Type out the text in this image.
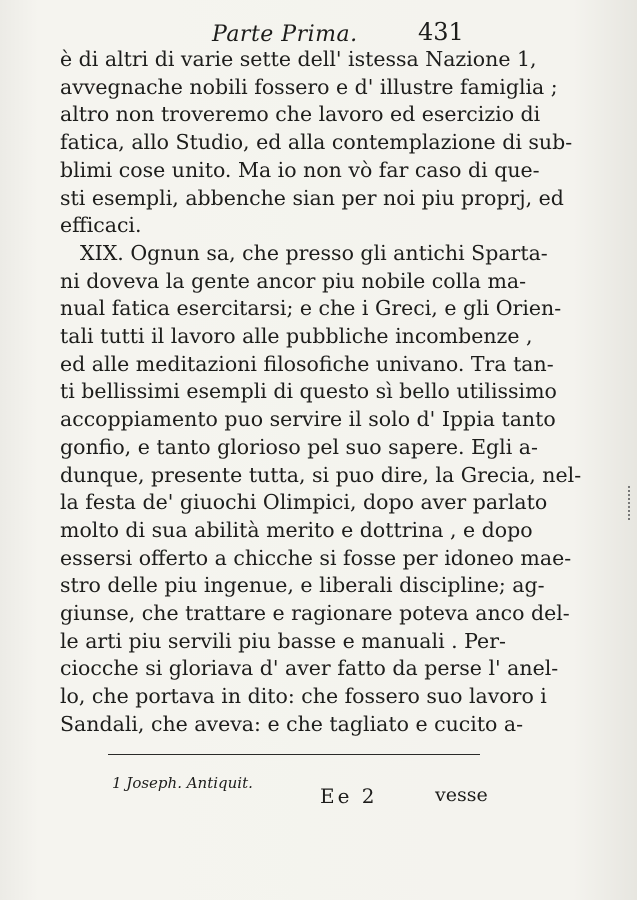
Parte Prima.	431
è di altri di varie sette dell' istessa Nazione 1,
avvegnache nobili fossero e d' illustre famiglia ;
altro non troveremo che lavoro ed esercizio di
fatica, allo Studio, ed alla contemplazione di sub-
blimi cose unito. Ma io non vò far caso di que-
sti esempli, abbenche sian per noi piu proprj, ed
efficaci.
XIX. Ognun sa, che presso gli antichi Sparta-
ni doveva la gente ancor piu nobile colla ma-
nual fatica esercitarsi; e che i Greci, e gli Orien-
tali tutti il lavoro alle pubbliche incombenze ,
ed alle meditazioni filosofiche univano. Tra tan-
ti bellissimi esempli di questo sì bello utilissimo
accoppiamento puo servire il solo d' Ippia tanto
gonfio, e tanto glorioso pel suo sapere. Egli a-
dunque, presente tutta, si puo dire, la Grecia, nel-
la festa de' giuochi Olimpici, dopo aver parlato
molto di sua abilità merito e dottrina , e dopo
essersi offerto a chicche si fosse per idoneo mae-
stro delle piu ingenue, e liberali discipline; ag-
giunse, che trattare e ragionare poteva anco del-
le arti piu servili piu basse e manuali . Per-
ciocche si gloriava d' aver fatto da perse l' anel-
lo, che portava in dito: che fossero suo lavoro i
Sandali, che aveva: e che tagliato e cucito a-
1 Joseph. Antiquit.
Ee 2	vesse
